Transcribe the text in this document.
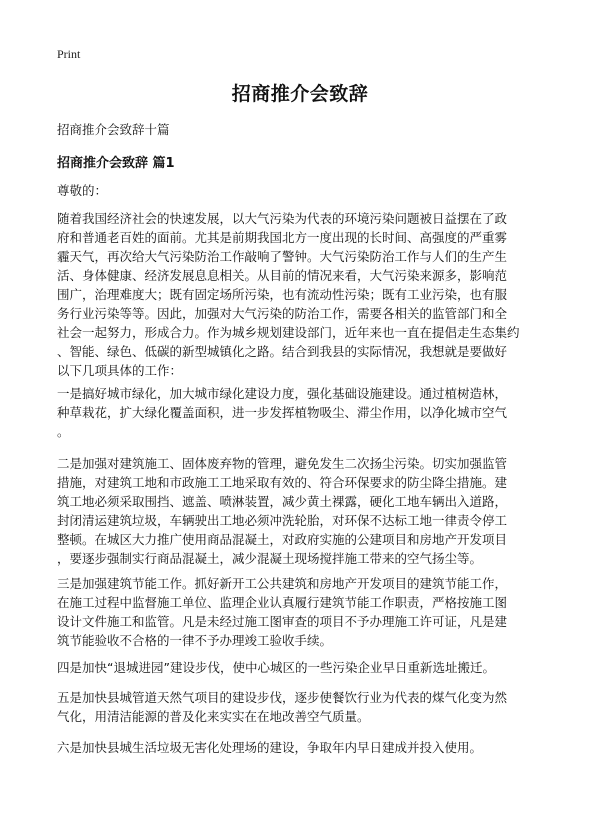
Print
招商推介会致辞

招商推介会致辞十篇

招商推介会致辞 篇1

尊敬的：

随着我国经济社会的快速发展，以大气污染为代表的环境污染问题被日益摆在了政
府和普通老百姓的面前。尤其是前期我国北方一度出现的长时间、高强度的严重雾
霾天气，再次给大气污染防治工作敲响了警钟。大气污染防治工作与人们的生产生
活、身体健康、经济发展息息相关。从目前的情况来看，大气污染来源多，影响范
围广，治理难度大；既有固定场所污染，也有流动性污染；既有工业污染，也有服
务行业污染等等。因此，加强对大气污染的防治工作，需要各相关的监管部门和全
社会一起努力，形成合力。作为城乡规划建设部门，近年来也一直在提倡走生态集约
、智能、绿色、低碳的新型城镇化之路。结合到我县的实际情况，我想就是要做好
以下几项具体的工作：

一是搞好城市绿化，加大城市绿化建设力度，强化基础设施建设。通过植树造林，
种草栽花，扩大绿化覆盖面积，进一步发挥植物吸尘、滞尘作用，以净化城市空气
。

二是加强对建筑施工、固体废弃物的管理，避免发生二次扬尘污染。切实加强监管
措施，对建筑工地和市政施工工地采取有效的、符合环保要求的防尘降尘措施。建
筑工地必须采取围挡、遮盖、喷淋装置，减少黄土裸露，硬化工地车辆出入道路，
封闭清运建筑垃圾，车辆驶出工地必须冲洗轮胎，对环保不达标工地一律责令停工
整顿。在城区大力推广使用商品混凝土，对政府实施的公建项目和房地产开发项目
，要逐步强制实行商品混凝土，减少混凝土现场搅拌施工带来的空气扬尘等。

三是加强建筑节能工作。抓好新开工公共建筑和房地产开发项目的建筑节能工作，
在施工过程中监督施工单位、监理企业认真履行建筑节能工作职责，严格按施工图
设计文件施工和监管。凡是未经过施工图审查的项目不予办理施工许可证，凡是建
筑节能验收不合格的一律不予办理竣工验收手续。

四是加快“退城进园”建设步伐，使中心城区的一些污染企业早日重新选址搬迁。

五是加快县城管道天然气项目的建设步伐，逐步使餐饮行业为代表的煤气化变为然
气化，用清洁能源的普及化来实实在在地改善空气质量。

六是加快县城生活垃圾无害化处理场的建设，争取年内早日建成并投入使用。
